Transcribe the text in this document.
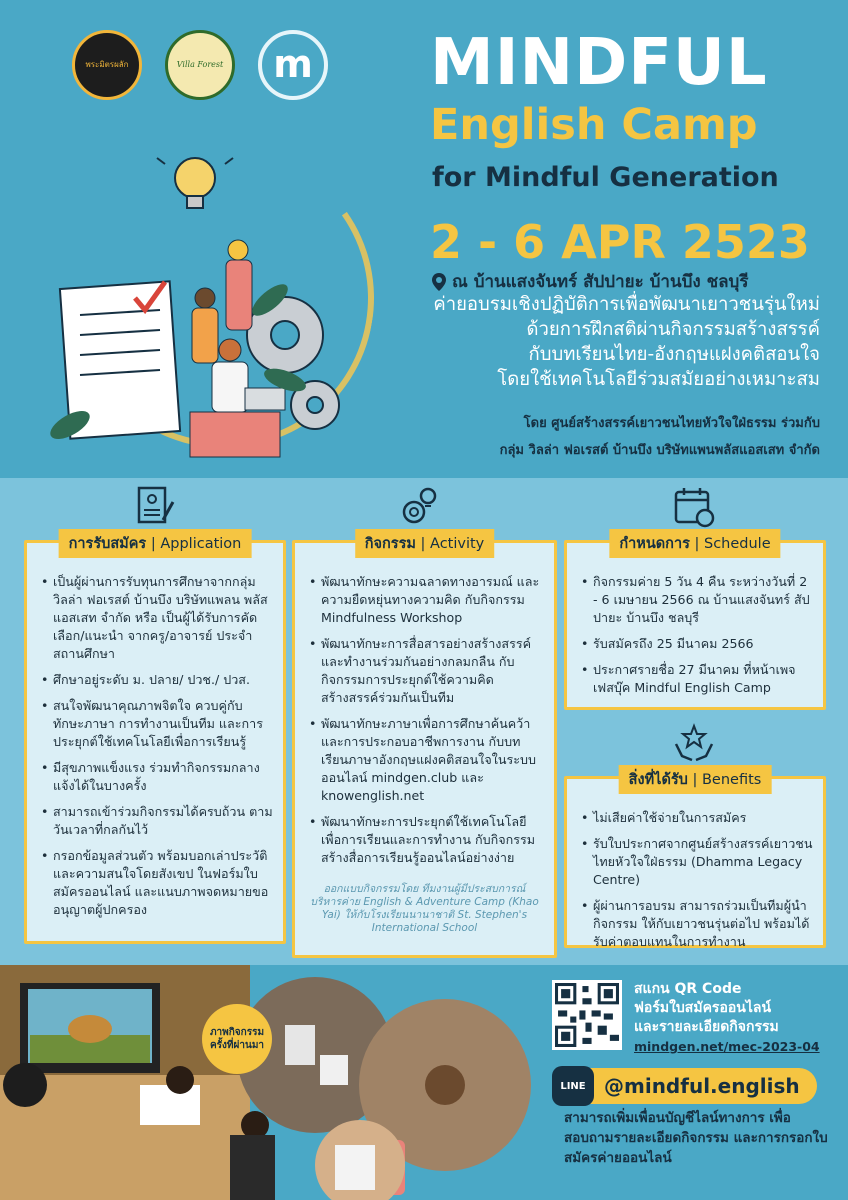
พระมิตรผลัก	Villa Forest m MINDFUL
English Camp
for Mindful Generation
2 - 6 APR 2523
ณ บ้านแสงจันทร์ สัปปายะ บ้านบึง ชลบุรี
ค่ายอบรมเชิงปฏิบัติการเพื่อพัฒนาเยาวชนรุ่นใหม่
ด้วยการฝึกสติผ่านกิจกรรมสร้างสรรค์
กับบทเรียนไทย-อังกฤษแฝงคติสอนใจ
โดยใช้เทคโนโลยีร่วมสมัยอย่างเหมาะสม
โดย ศูนย์สร้างสรรค์เยาวชนไทยหัวใจใฝ่ธรรม ร่วมกับ
กลุ่ม วิลล่า ฟอเรสต์ บ้านบึง บริษัทแพนพลัสแอสเสท จำกัด
การรับสมัคร | Application
• เป็นผู้ผ่านการรับทุนการศึกษาจากกลุ่ม วิลล่า ฟอเรสต์ บ้านบึง บริษัทแพลน พลัสแอสเสท จำกัด หรือ เป็นผู้ได้รับการคัดเลือก/แนะนำ จากครู/อาจารย์ ประจำสถานศึกษา
• ศึกษาอยู่ระดับ ม. ปลาย/ ปวช./ ปวส.
• สนใจพัฒนาคุณภาพจิตใจ ควบคู่กับทักษะภาษา การทำงานเป็นทีม และการประยุกต์ใช้เทคโนโลยีเพื่อการเรียนรู้
• มีสุขภาพแข็งแรง ร่วมทำกิจกรรมกลางแจ้งได้ในบางครั้ง
• สามารถเข้าร่วมกิจกรรมได้ครบถ้วน ตามวันเวลาที่กลกันไว้
• กรอกข้อมูลส่วนตัว พร้อมบอกเล่าประวัติและความสนใจโดยสังเขป ในฟอร์มใบสมัครออนไลน์ และแนบภาพจดหมายขออนุญาตผู้ปกครอง
กิจกรรม | Activity
• พัฒนาทักษะความฉลาดทางอารมณ์ และความยืดหยุ่นทางความคิด กับกิจกรรม Mindfulness Workshop
• พัฒนาทักษะการสื่อสารอย่างสร้างสรรค์ และทำงานร่วมกันอย่างกลมกลืน กับกิจกรรมการประยุกต์ใช้ความคิดสร้างสรรค์ร่วมกันเป็นทีม
• พัฒนาทักษะภาษาเพื่อการศึกษาค้นคว้าและการประกอบอาชีพการงาน กับบทเรียนภาษาอังกฤษแฝงคติสอนใจในระบบออนไลน์ mindgen.club และ knowenglish.net
• พัฒนาทักษะการประยุกต์ใช้เทคโนโลยี เพื่อการเรียนและการทำงาน กับกิจกรรมสร้างสื่อการเรียนรู้ออนไลน์อย่างง่าย
ออกแบบกิจกรรมโดย ทีมงานผู้มีประสบการณ์ บริหารค่าย English & Adventure Camp (Khao Yai) ให้กับโรงเรียนนานาชาติ St. Stephen's International School
กำหนดการ | Schedule
• กิจกรรมค่าย 5 วัน 4 คืน ระหว่างวันที่ 2 - 6 เมษายน 2566 ณ บ้านแสงจันทร์ สัปปายะ บ้านบึง ชลบุรี
• รับสมัครถึง 25 มีนาคม 2566
• ประกาศรายชื่อ 27 มีนาคม ที่หน้าเพจเฟสบุ๊ค Mindful English Camp
สิ่งที่ได้รับ | Benefits
• ไม่เสียค่าใช้จ่ายในการสมัคร
• รับใบประกาศจากศูนย์สร้างสรรค์เยาวชนไทยหัวใจใฝ่ธรรม (Dhamma Legacy Centre)
• ผู้ผ่านการอบรม สามารถร่วมเป็นทีมผู้นำกิจกรรม ให้กับเยาวชนรุ่นต่อไป พร้อมได้รับค่าตอบแทนในการทำงาน
ภาพกิจกรรม ครั้งที่ผ่านมา
สแกน QR Code
ฟอร์มใบสมัครออนไลน์
และรายละเอียดกิจกรรม
mindgen.net/mec-2023-04
LINE @mindful.english
สามารถเพิ่มเพื่อนบัญชีไลน์ทางการ เพื่อสอบถามรายละเอียดกิจกรรม และการกรอกใบสมัครค่ายออนไลน์
